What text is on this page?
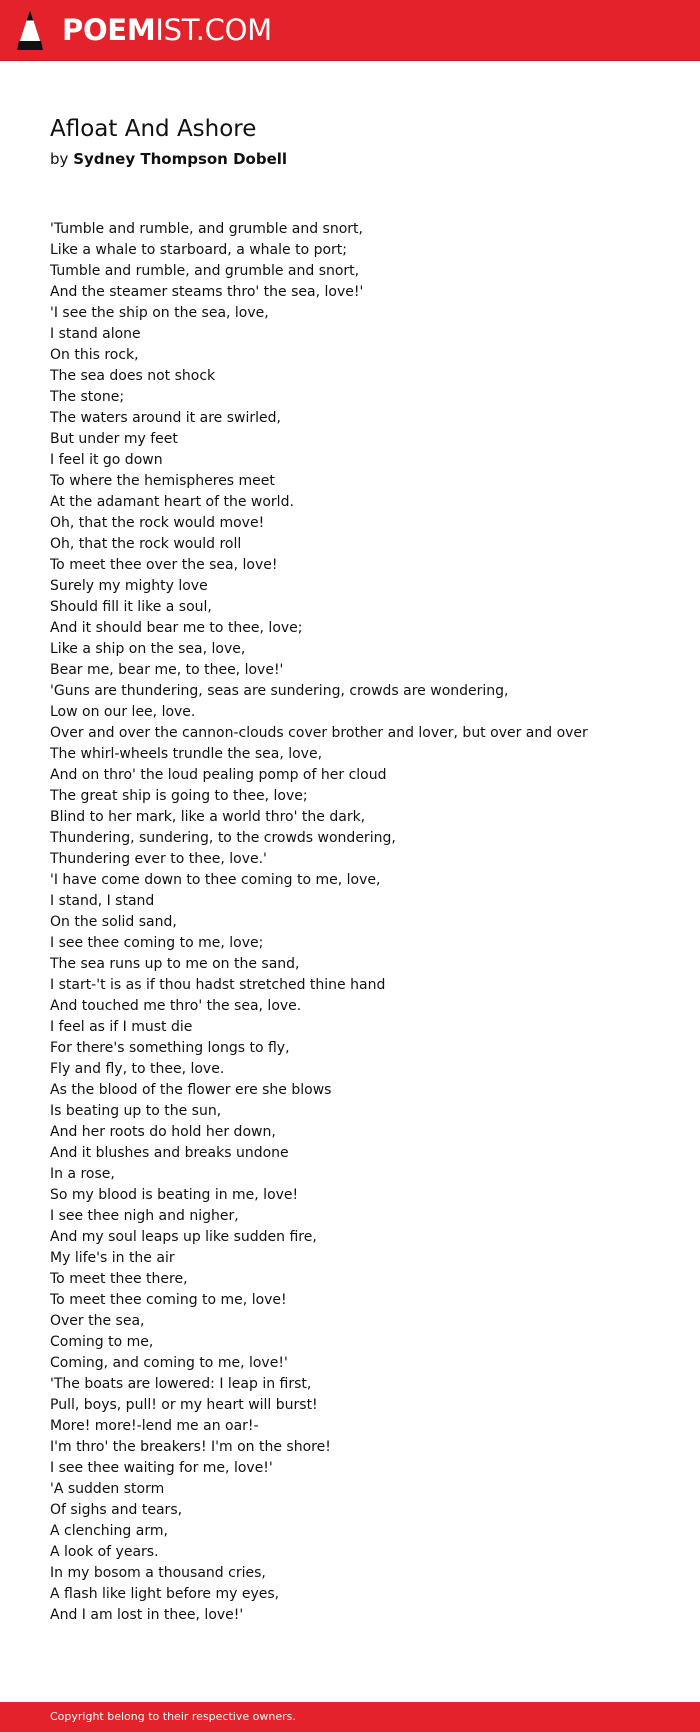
POEMIST.COM
Afloat And Ashore
by Sydney Thompson Dobell
'Tumble and rumble, and grumble and snort,
Like a whale to starboard, a whale to port;
Tumble and rumble, and grumble and snort,
And the steamer steams thro' the sea, love!'
'I see the ship on the sea, love,
I stand alone
On this rock,
The sea does not shock
The stone;
The waters around it are swirled,
But under my feet
I feel it go down
To where the hemispheres meet
At the adamant heart of the world.
Oh, that the rock would move!
Oh, that the rock would roll
To meet thee over the sea, love!
Surely my mighty love
Should fill it like a soul,
And it should bear me to thee, love;
Like a ship on the sea, love,
Bear me, bear me, to thee, love!'
'Guns are thundering, seas are sundering, crowds are wondering,
Low on our lee, love.
Over and over the cannon-clouds cover brother and lover, but over and over
The whirl-wheels trundle the sea, love,
And on thro' the loud pealing pomp of her cloud
The great ship is going to thee, love;
Blind to her mark, like a world thro' the dark,
Thundering, sundering, to the crowds wondering,
Thundering ever to thee, love.'
'I have come down to thee coming to me, love,
I stand, I stand
On the solid sand,
I see thee coming to me, love;
The sea runs up to me on the sand,
I start-'t is as if thou hadst stretched thine hand
And touched me thro' the sea, love.
I feel as if I must die
For there's something longs to fly,
Fly and fly, to thee, love.
As the blood of the flower ere she blows
Is beating up to the sun,
And her roots do hold her down,
And it blushes and breaks undone
In a rose,
So my blood is beating in me, love!
I see thee nigh and nigher,
And my soul leaps up like sudden fire,
My life's in the air
To meet thee there,
To meet thee coming to me, love!
Over the sea,
Coming to me,
Coming, and coming to me, love!'
'The boats are lowered: I leap in first,
Pull, boys, pull! or my heart will burst!
More! more!-lend me an oar!-
I'm thro' the breakers! I'm on the shore!
I see thee waiting for me, love!'
'A sudden storm
Of sighs and tears,
A clenching arm,
A look of years.
In my bosom a thousand cries,
A flash like light before my eyes,
And I am lost in thee, love!'
Copyright belong to their respective owners.
